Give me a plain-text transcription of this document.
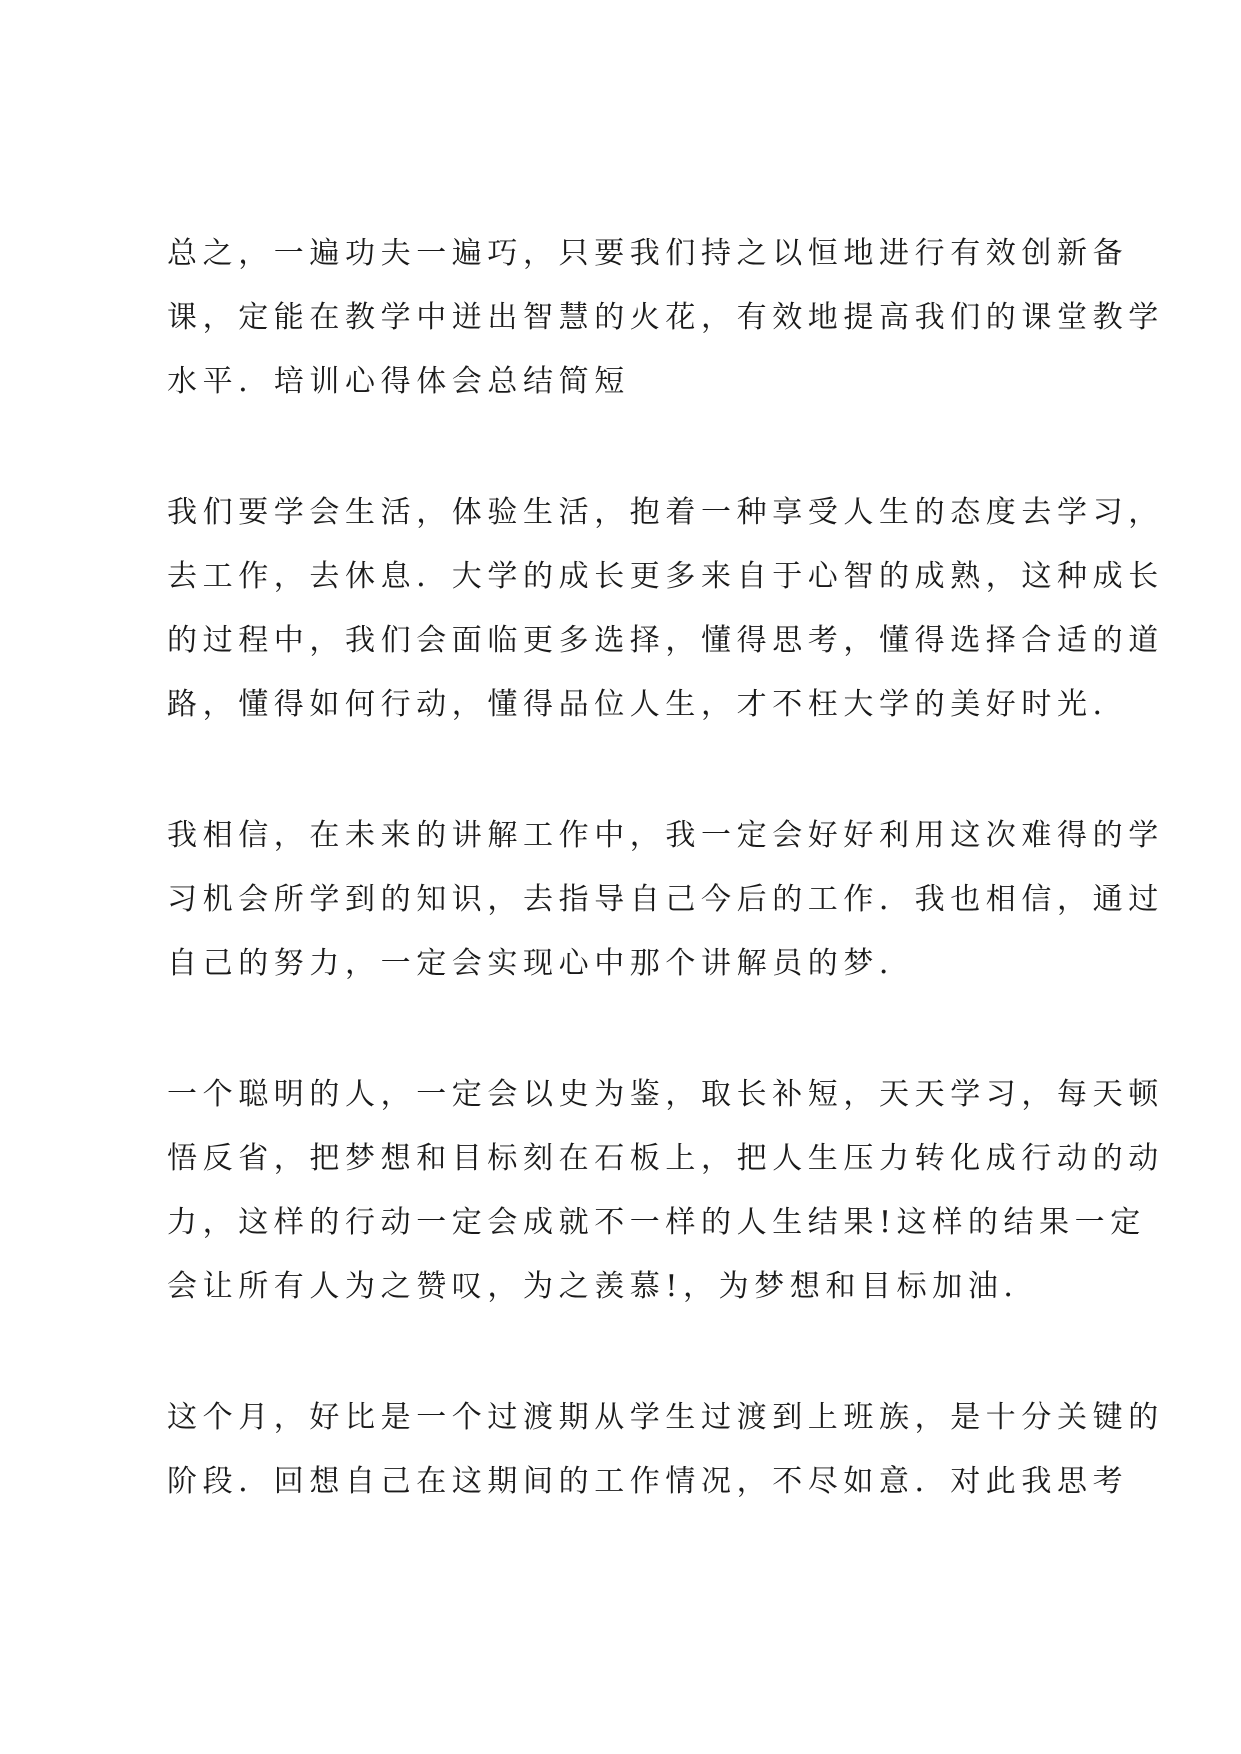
总之，一遍功夫一遍巧，只要我们持之以恒地进行有效创新备
课，定能在教学中迸出智慧的火花，有效地提高我们的课堂教学
水平．培训心得体会总结简短

我们要学会生活，体验生活，抱着一种享受人生的态度去学习，
去工作，去休息．大学的成长更多来自于心智的成熟，这种成长
的过程中，我们会面临更多选择，懂得思考，懂得选择合适的道
路，懂得如何行动，懂得品位人生，才不枉大学的美好时光．

我相信，在未来的讲解工作中，我一定会好好利用这次难得的学
习机会所学到的知识，去指导自己今后的工作．我也相信，通过
自己的努力，一定会实现心中那个讲解员的梦．

一个聪明的人，一定会以史为鉴，取长补短，天天学习，每天顿
悟反省，把梦想和目标刻在石板上，把人生压力转化成行动的动
力，这样的行动一定会成就不一样的人生结果!这样的结果一定
会让所有人为之赞叹，为之羡慕!，为梦想和目标加油．

这个月，好比是一个过渡期从学生过渡到上班族，是十分关键的
阶段．回想自己在这期间的工作情况，不尽如意．对此我思考
